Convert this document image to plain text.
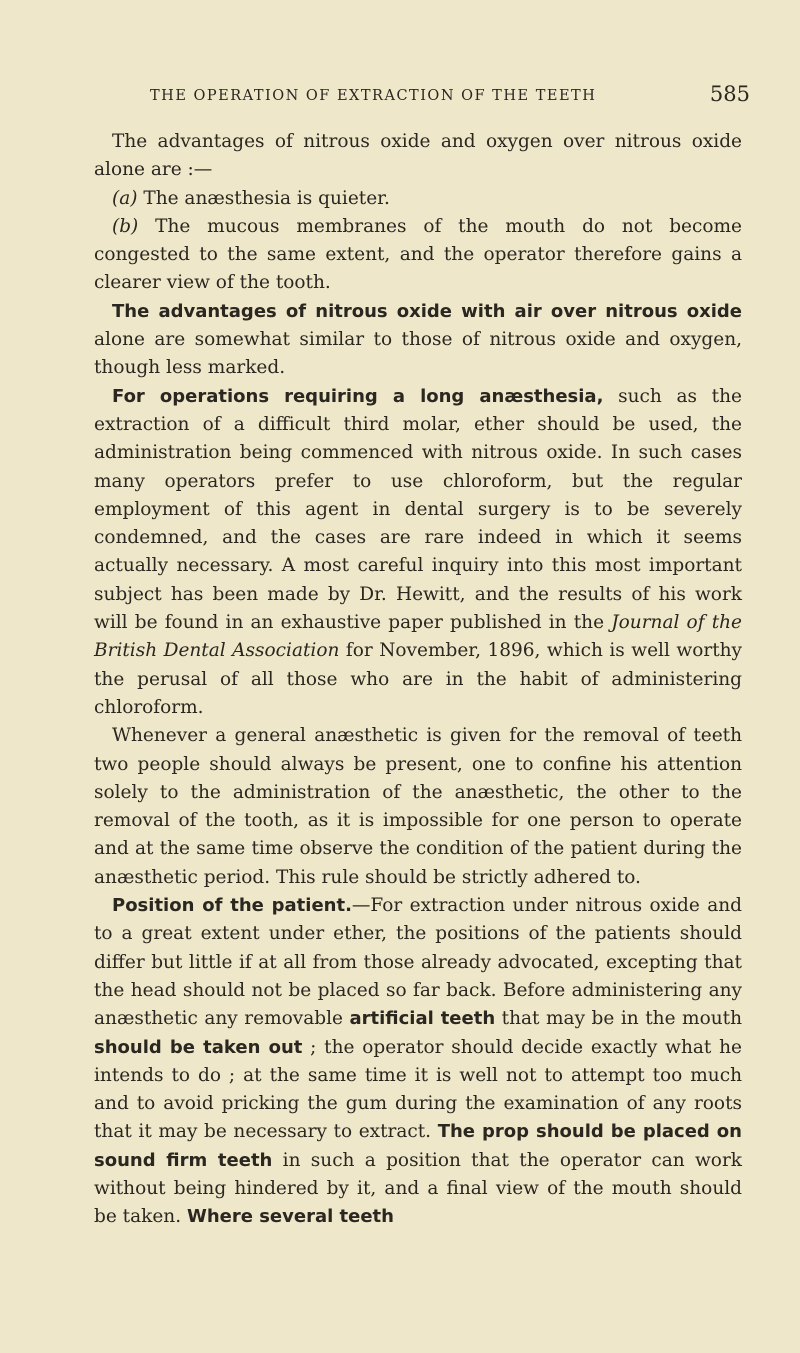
THE OPERATION OF EXTRACTION OF THE TEETH	585

The advantages of nitrous oxide and oxygen over nitrous oxide alone are :—

(a) The anæsthesia is quieter.

(b) The mucous membranes of the mouth do not become congested to the same extent, and the operator therefore gains a clearer view of the tooth.

The advantages of nitrous oxide with air over nitrous oxide alone are somewhat similar to those of nitrous oxide and oxygen, though less marked.

For operations requiring a long anæsthesia, such as the extraction of a difficult third molar, ether should be used, the administration being commenced with nitrous oxide. In such cases many operators prefer to use chloroform, but the regular employment of this agent in dental surgery is to be severely condemned, and the cases are rare indeed in which it seems actually necessary. A most careful inquiry into this most important subject has been made by Dr. Hewitt, and the results of his work will be found in an exhaustive paper published in the Journal of the British Dental Association for November, 1896, which is well worthy the perusal of all those who are in the habit of administering chloroform.

Whenever a general anæsthetic is given for the removal of teeth two people should always be present, one to confine his attention solely to the administration of the anæsthetic, the other to the removal of the tooth, as it is impossible for one person to operate and at the same time observe the condition of the patient during the anæsthetic period. This rule should be strictly adhered to.

Position of the patient.—For extraction under nitrous oxide and to a great extent under ether, the positions of the patients should differ but little if at all from those already advocated, excepting that the head should not be placed so far back. Before administering any anæsthetic any removable artificial teeth that may be in the mouth should be taken out ; the operator should decide exactly what he intends to do ; at the same time it is well not to attempt too much and to avoid pricking the gum during the examination of any roots that it may be necessary to extract. The prop should be placed on sound firm teeth in such a position that the operator can work without being hindered by it, and a final view of the mouth should be taken. Where several teeth
